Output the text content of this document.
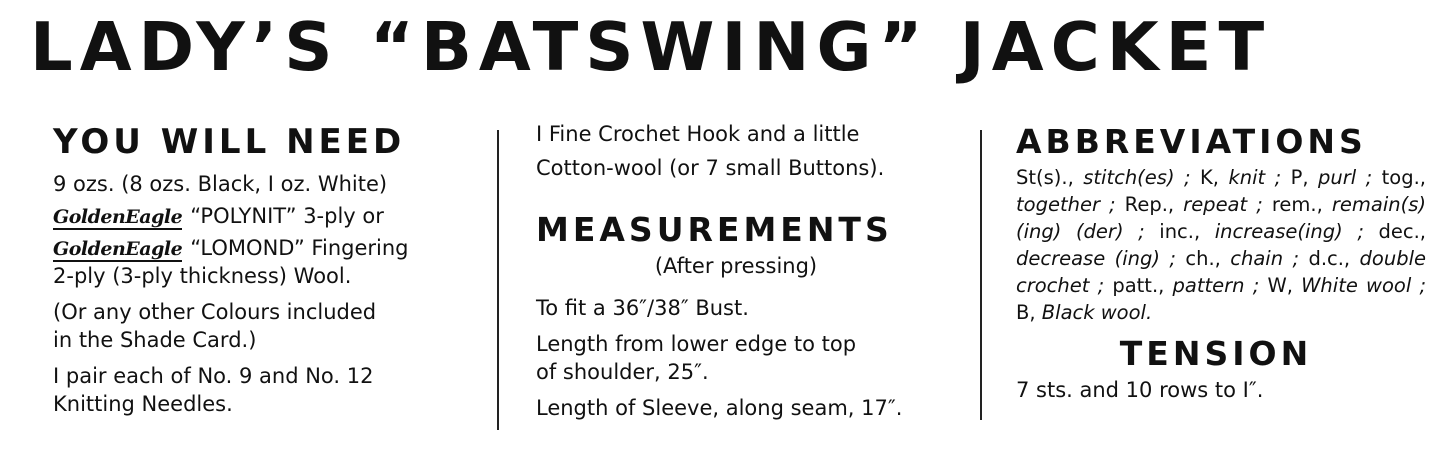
LADY’S “BATSWING” JACKET
YOU WILL NEED

9 ozs. (8 ozs. Black, I oz. White)

GoldenEagle “POLYNIT” 3-ply or

GoldenEagle “LOMOND” Fingering

2-ply (3-ply thickness) Wool.

(Or any other Colours included

in the Shade Card.)

I pair each of No. 9 and No. 12

Knitting Needles.

I Fine Crochet Hook and a little

Cotton-wool (or 7 small Buttons).

MEASUREMENTS

(After pressing)

To fit a 36″/38″ Bust.

Length from lower edge to top

of shoulder, 25″.

Length of Sleeve, along seam, 17″.

ABBREVIATIONS
St(s)., stitch(es) ; K, knit ; P, purl ; tog., together ; Rep., repeat ; rem., remain(s) (ing) (der) ; inc., increase(ing) ; dec., decrease (ing) ; ch., chain ; d.c., double crochet ; patt., pattern ; W, White wool ; B, Black wool.
TENSION

7 sts. and 10 rows to I″.
